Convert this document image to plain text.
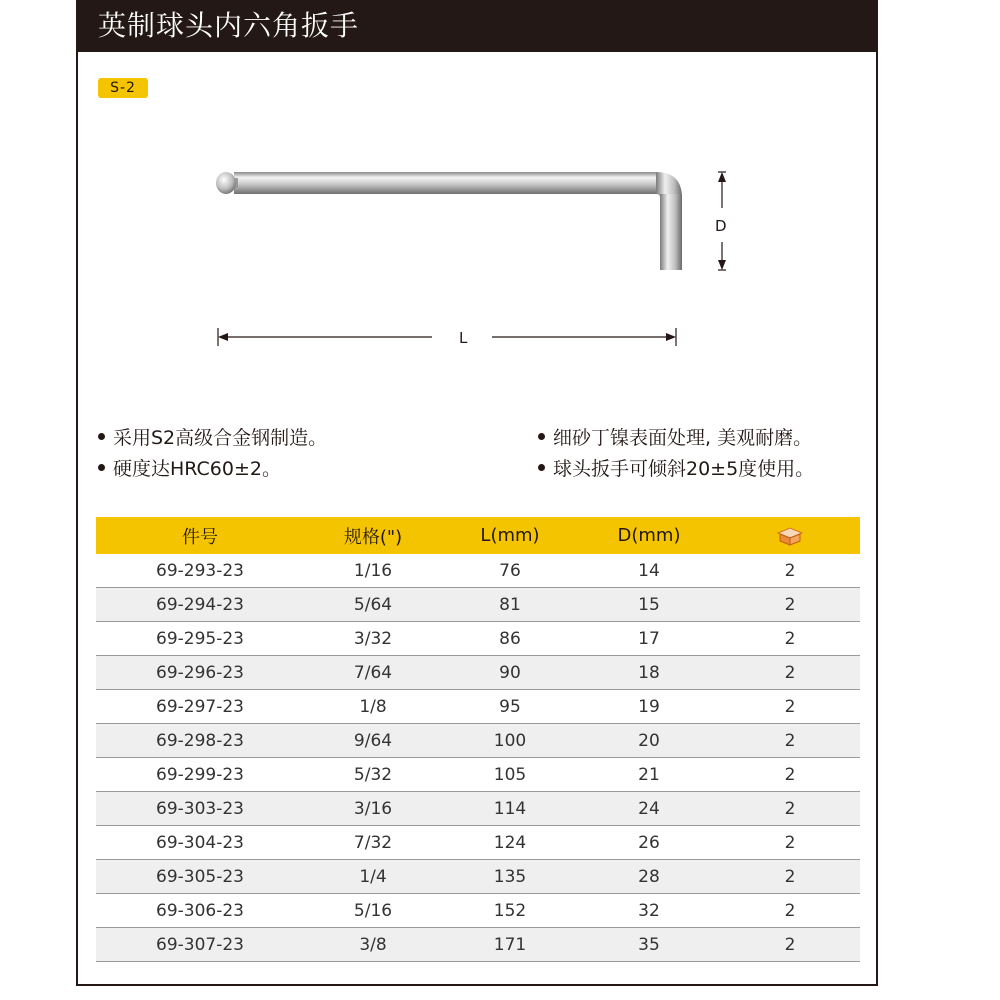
英制球头内六角扳手
S-2
D
L
采用S2高级合金钢制造。
硬度达HRC60±2。
细砂丁镍表面处理, 美观耐磨。
球头扳手可倾斜20±5度使用。
件号	规格(")	L(mm)	D(mm)	
69-293-23	1/16	76	14	2
69-294-23	5/64	81	15	2
69-295-23	3/32	86	17	2
69-296-23	7/64	90	18	2
69-297-23	1/8	95	19	2
69-298-23	9/64	100	20	2
69-299-23	5/32	105	21	2
69-303-23	3/16	114	24	2
69-304-23	7/32	124	26	2
69-305-23	1/4	135	28	2
69-306-23	5/16	152	32	2
69-307-23	3/8	171	35	2
